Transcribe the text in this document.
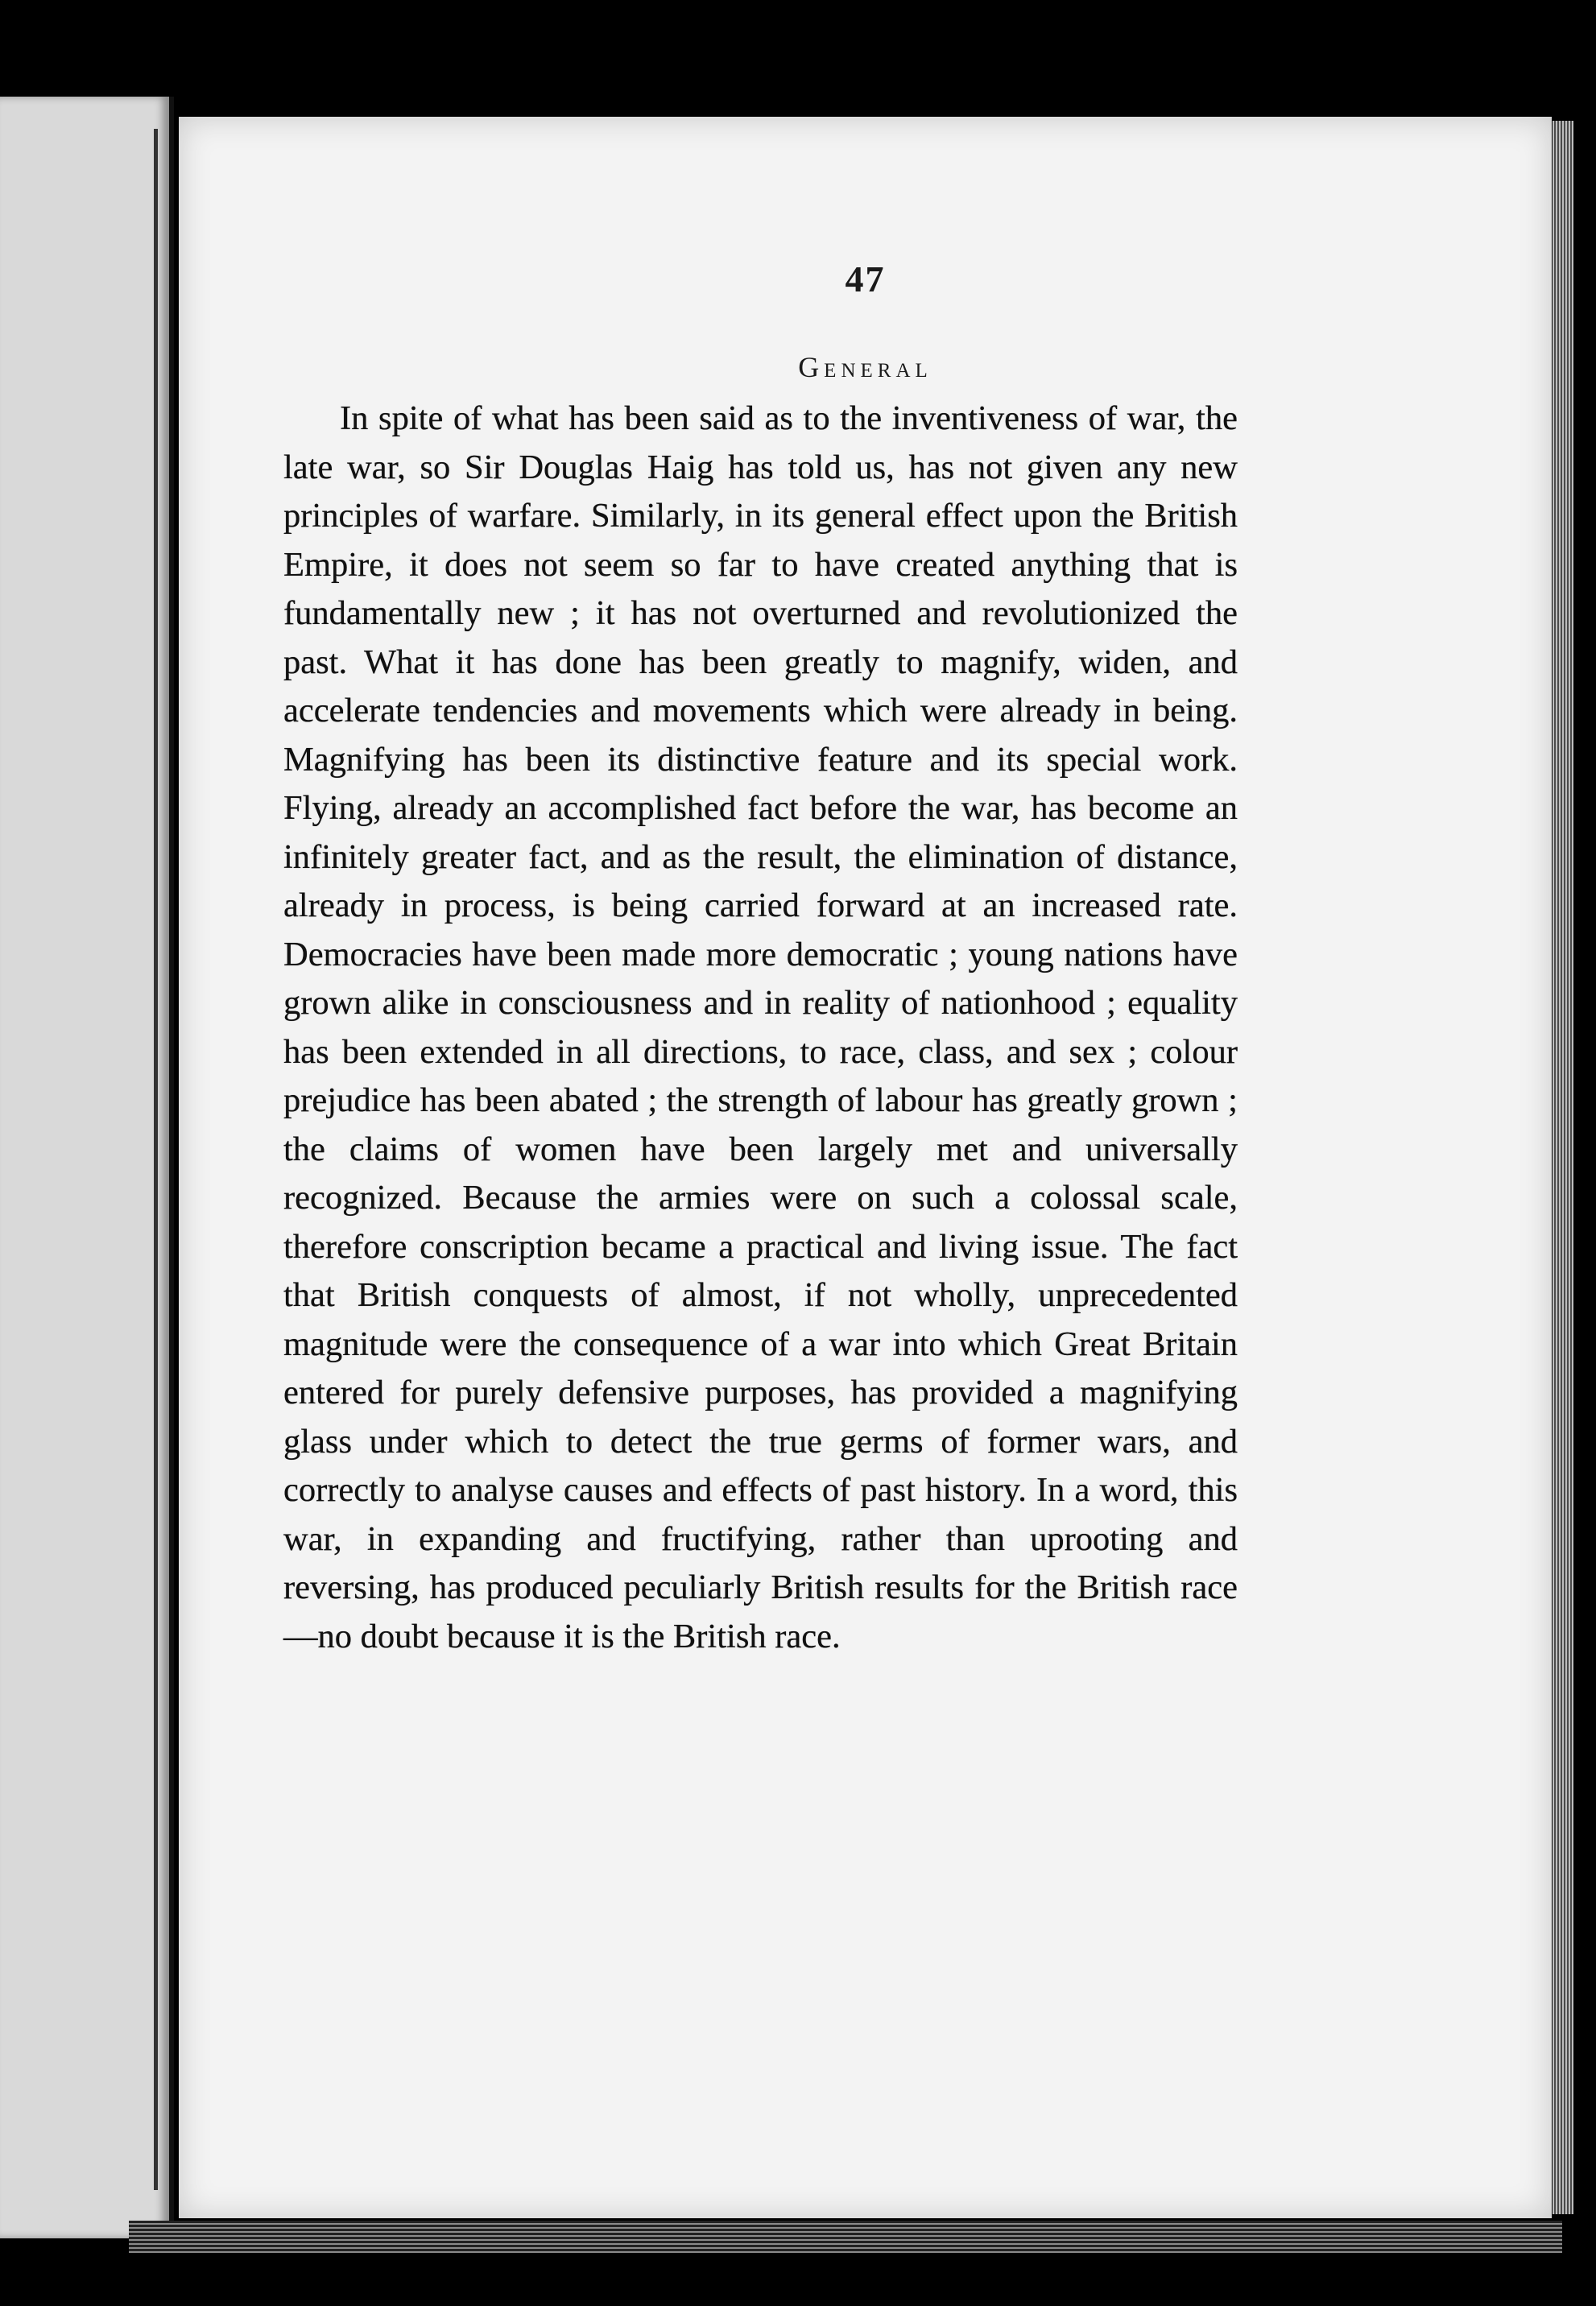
47
General

In spite of what has been said as to the inventiveness of war, the late war, so Sir Douglas Haig has told us, has not given any new principles of warfare. Similarly, in its general effect upon the British Empire, it does not seem so far to have created anything that is fundamentally new ; it has not overturned and revolutionized the past. What it has done has been greatly to magnify, widen, and accelerate tendencies and movements which were already in being. Magnifying has been its distinctive feature and its special work. Flying, already an accomplished fact before the war, has become an infinitely greater fact, and as the result, the elimination of distance, already in process, is being carried forward at an increased rate. Democracies have been made more democratic ; young nations have grown alike in consciousness and in reality of nationhood ; equality has been extended in all directions, to race, class, and sex ; colour prejudice has been abated ; the strength of labour has greatly grown ; the claims of women have been largely met and universally recognized. Because the armies were on such a colossal scale, therefore conscription became a practical and living issue. The fact that British conquests of almost, if not wholly, unprecedented magnitude were the consequence of a war into which Great Britain entered for purely defensive purposes, has provided a magnifying glass under which to detect the true germs of former wars, and correctly to analyse causes and effects of past history. In a word, this war, in expanding and fructifying, rather than uprooting and reversing, has produced peculiarly British results for the British race—no doubt because it is the British race.
